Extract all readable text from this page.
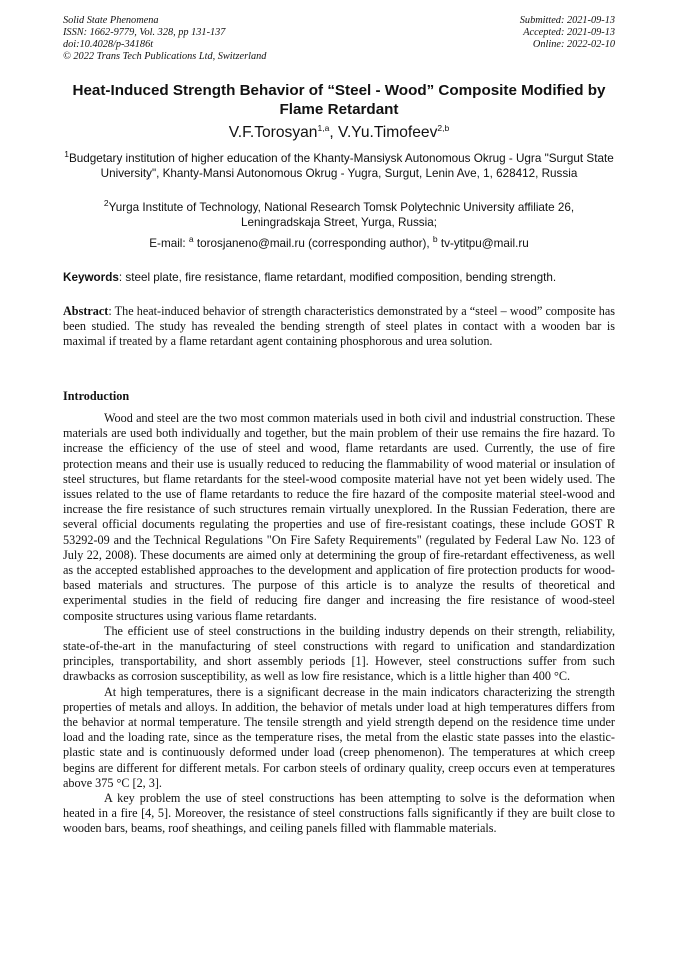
Solid State Phenomena
ISSN: 1662-9779, Vol. 328, pp 131-137
doi:10.4028/p-34186t
© 2022 Trans Tech Publications Ltd, Switzerland
Submitted: 2021-09-13
Accepted: 2021-09-13
Online: 2022-02-10
Heat-Induced Strength Behavior of “Steel - Wood” Composite Modified by Flame Retardant
V.F.Torosyan$^{1,a}$, V.Yu.Timofeev$^{2,b}$
$^1$Budgetary institution of higher education of the Khanty-Mansiysk Autonomous Okrug - Ugra "Surgut State University", Khanty-Mansi Autonomous Okrug - Yugra, Surgut, Lenin Ave, 1, 628412, Russia
$^2$Yurga Institute of Technology, National Research Tomsk Polytechnic University affiliate 26, Leningradskaja Street, Yurga, Russia;
E-mail: $^a$ torosjaneno@mail.ru (corresponding author), $^b$ tv-ytitpu@mail.ru
Keywords: steel plate, fire resistance, flame retardant, modified composition, bending strength.
Abstract: The heat-induced behavior of strength characteristics demonstrated by a “steel – wood” composite has been studied. The study has revealed the bending strength of steel plates in contact with a wooden bar is maximal if treated by a flame retardant agent containing phosphorous and urea solution.
Introduction

Wood and steel are the two most common materials used in both civil and industrial construction. These materials are used both individually and together, but the main problem of their use remains the fire hazard. To increase the efficiency of the use of steel and wood, flame retardants are used. Currently, the use of fire protection means and their use is usually reduced to reducing the flammability of wood material or insulation of steel structures, but flame retardants for the steel-wood composite material have not yet been widely used. The issues related to the use of flame retardants to reduce the fire hazard of the composite material steel-wood and increase the fire resistance of such structures remain virtually unexplored. In the Russian Federation, there are several official documents regulating the properties and use of fire-resistant coatings, these include GOST R 53292-09 and the Technical Regulations "On Fire Safety Requirements" (regulated by Federal Law No. 123 of July 22, 2008). These documents are aimed only at determining the group of fire-retardant effectiveness, as well as the accepted established approaches to the development and application of fire protection products for wood-based materials and structures. The purpose of this article is to analyze the results of theoretical and experimental studies in the field of reducing fire danger and increasing the fire resistance of wood-steel composite structures using various flame retardants.

The efficient use of steel constructions in the building industry depends on their strength, reliability, state-of-the-art in the manufacturing of steel constructions with regard to unification and standardization principles, transportability, and short assembly periods [1]. However, steel constructions suffer from such drawbacks as corrosion susceptibility, as well as low fire resistance, which is a little higher than 400 °C.

At high temperatures, there is a significant decrease in the main indicators characterizing the strength properties of metals and alloys. In addition, the behavior of metals under load at high temperatures differs from the behavior at normal temperature. The tensile strength and yield strength depend on the residence time under load and the loading rate, since as the temperature rises, the metal from the elastic state passes into the elastic-plastic state and is continuously deformed under load (creep phenomenon). The temperatures at which creep begins are different for different metals. For carbon steels of ordinary quality, creep occurs even at temperatures above 375 °C [2, 3].

A key problem the use of steel constructions has been attempting to solve is the deformation when heated in a fire [4, 5]. Moreover, the resistance of steel constructions falls significantly if they are built close to wooden bars, beams, roof sheathings, and ceiling panels filled with flammable materials.
